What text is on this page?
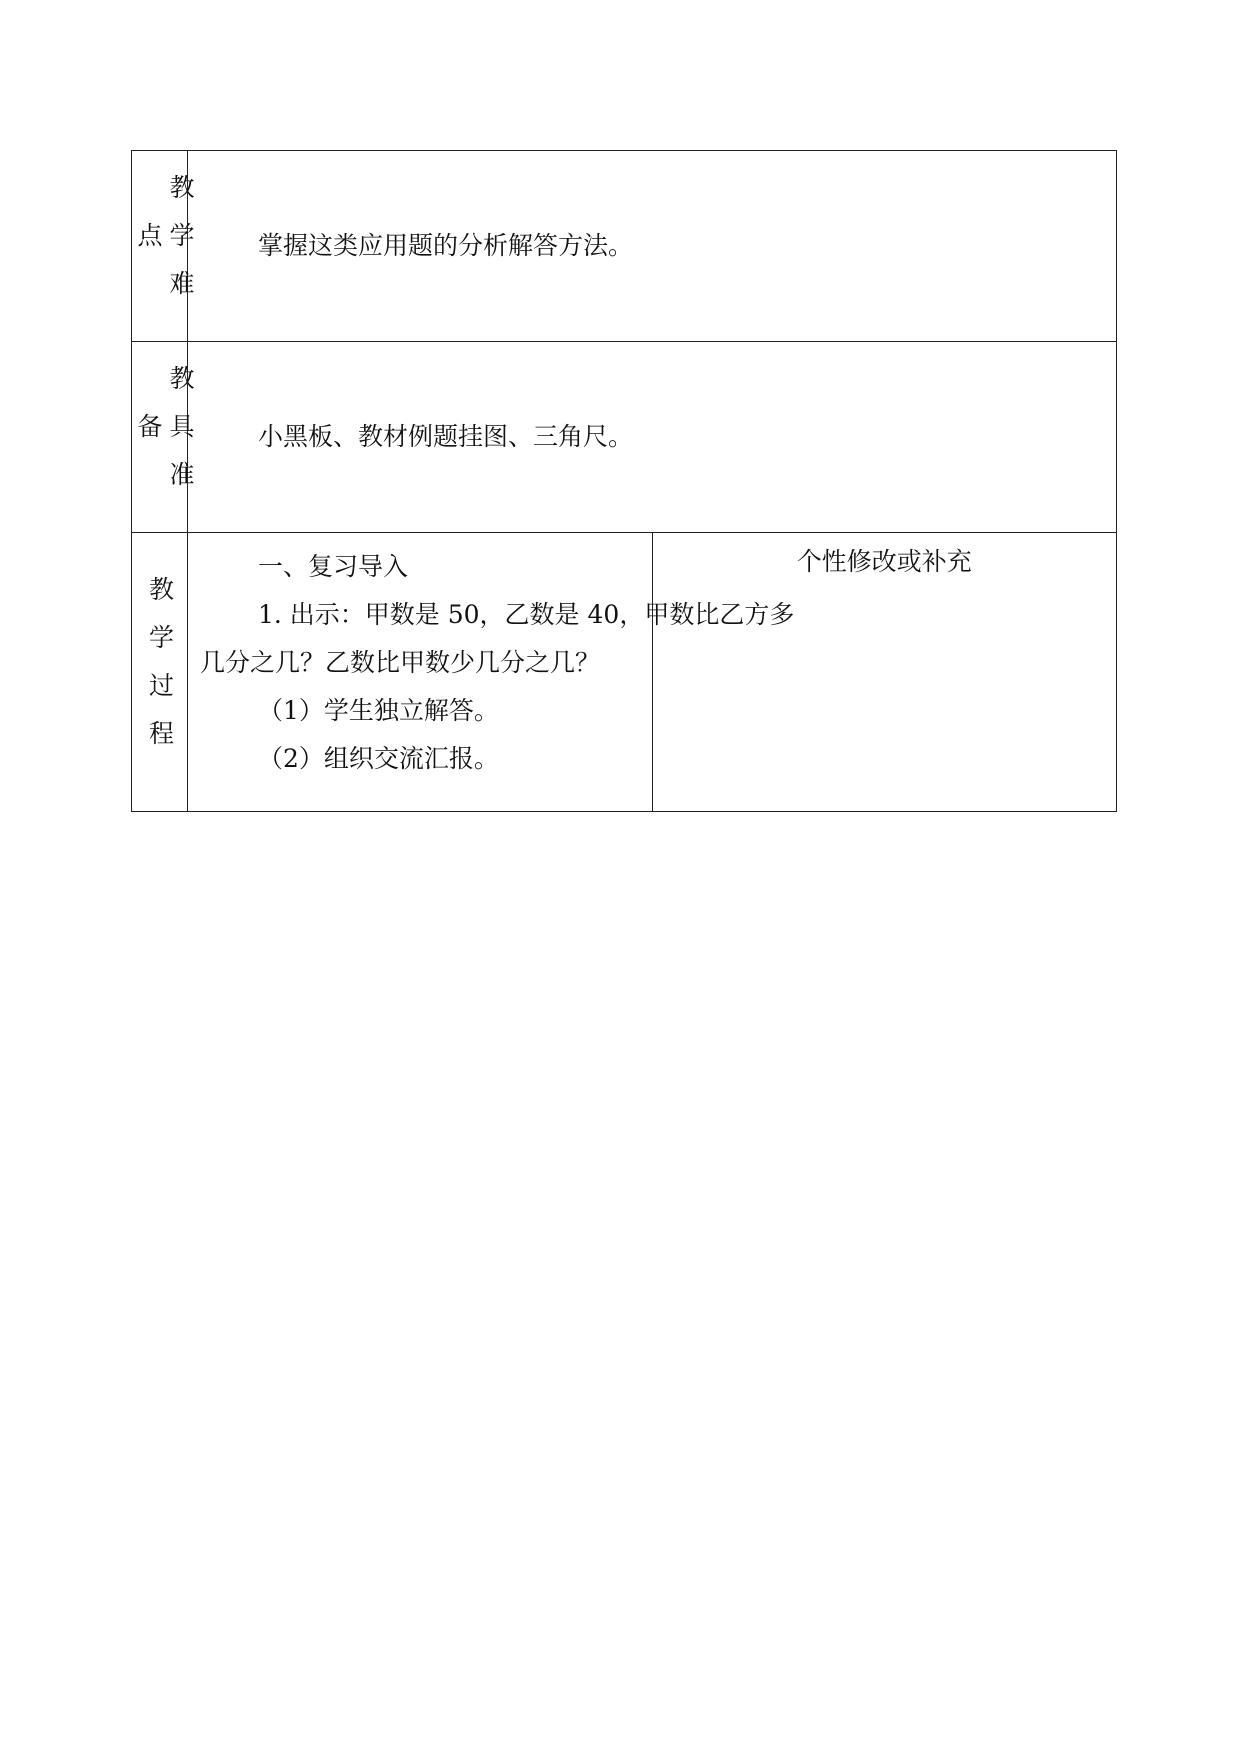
教学难点	掌握这类应用题的分析解答方法。	

教具准备	小黑板、教材例题挂图、三角尺。	

教学过程	一、复习导入
1. 出示：甲数是 50，乙数是 40，甲数比乙方多
几分之几？乙数比甲数少几分之几？
（1）学生独立解答。
（2）组织交流汇报。	个性修改或补充
